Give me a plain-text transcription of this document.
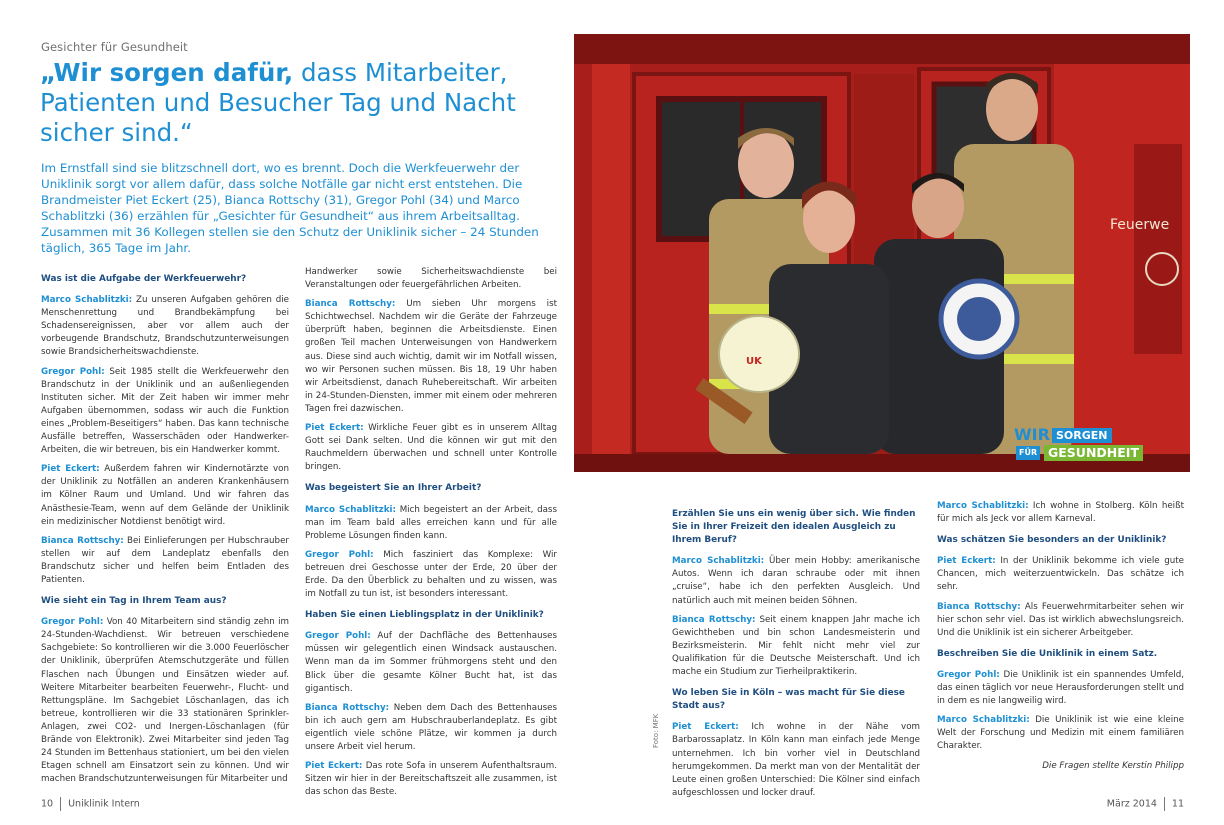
Gesichter für Gesundheit
„Wir sorgen dafür, dass Mitarbeiter, Patienten und Besucher Tag und Nacht sicher sind.“
Im Ernstfall sind sie blitzschnell dort, wo es brennt. Doch die Werkfeuerwehr der Uniklinik sorgt vor allem dafür, dass solche Notfälle gar nicht erst entstehen. Die Brandmeister Piet Eckert (25), Bianca Rottschy (31), Gregor Pohl (34) und Marco Schablitzki (36) erzählen für „Gesichter für Gesundheit“ aus ihrem Arbeitsalltag. Zusammen mit 36 Kollegen stellen sie den Schutz der Uniklinik sicher – 24 Stunden täglich, 365 Tage im Jahr.

Was ist die Aufgabe der Werkfeuerwehr?

Marco Schablitzki: Zu unseren Aufgaben gehören die Menschenrettung und Brandbekämpfung bei Schadensereignissen, aber vor allem auch der vorbeugende Brandschutz, Brandschutzunterweisungen sowie Brandsicherheitswachdienste.

Gregor Pohl: Seit 1985 stellt die Werkfeuerwehr den Brandschutz in der Uniklinik und an außenliegenden Instituten sicher. Mit der Zeit haben wir immer mehr Aufgaben übernommen, sodass wir auch die Funktion eines „Problem-Beseitigers“ haben. Das kann technische Ausfälle betreffen, Wasserschäden oder Handwerker-Arbeiten, die wir betreuen, bis ein Handwerker kommt.

Piet Eckert: Außerdem fahren wir Kindernotärzte von der Uniklinik zu Notfällen an anderen Krankenhäusern im Kölner Raum und Umland. Und wir fahren das Anästhesie-Team, wenn auf dem Gelände der Uniklinik ein medizinischer Notdienst benötigt wird.

Bianca Rottschy: Bei Einlieferungen per Hubschrauber stellen wir auf dem Landeplatz ebenfalls den Brandschutz sicher und helfen beim Entladen des Patienten.

Wie sieht ein Tag in Ihrem Team aus?

Gregor Pohl: Von 40 Mitarbeitern sind ständig zehn im 24-Stunden-Wachdienst. Wir betreuen verschiedene Sachgebiete: So kontrollieren wir die 3.000 Feuerlöscher der Uniklinik, überprüfen Atemschutzgeräte und füllen Flaschen nach Übungen und Einsätzen wieder auf. Weitere Mitarbeiter bearbeiten Feuerwehr-, Flucht- und Rettungspläne. Im Sachgebiet Löschanlagen, das ich betreue, kontrollieren wir die 33 stationären Sprinkler-Anlagen, zwei CO2- und Inergen-Löschanlagen (für Brände von Elektronik). Zwei Mitarbeiter sind jeden Tag 24 Stunden im Bettenhaus stationiert, um bei den vielen Etagen schnell am Einsatzort sein zu können. Und wir machen Brandschutzunterweisungen für Mitarbeiter und

Handwerker sowie Sicherheitswachdienste bei Veranstaltungen oder feuergefährlichen Arbeiten.

Bianca Rottschy: Um sieben Uhr morgens ist Schichtwechsel. Nachdem wir die Geräte der Fahrzeuge überprüft haben, beginnen die Arbeitsdienste. Einen großen Teil machen Unterweisungen von Handwerkern aus. Diese sind auch wichtig, damit wir im Notfall wissen, wo wir Personen suchen müssen. Bis 18, 19 Uhr haben wir Arbeitsdienst, danach Ruhebereitschaft. Wir arbeiten in 24-Stunden-Diensten, immer mit einem oder mehreren Tagen frei dazwischen.

Piet Eckert: Wirkliche Feuer gibt es in unserem Alltag Gott sei Dank selten. Und die können wir gut mit den Rauchmeldern überwachen und schnell unter Kontrolle bringen.

Was begeistert Sie an Ihrer Arbeit?

Marco Schablitzki: Mich begeistert an der Arbeit, dass man im Team bald alles erreichen kann und für alle Probleme Lösungen finden kann.

Gregor Pohl: Mich fasziniert das Komplexe: Wir betreuen drei Geschosse unter der Erde, 20 über der Erde. Da den Überblick zu behalten und zu wissen, was im Notfall zu tun ist, ist besonders interessant.

Haben Sie einen Lieblingsplatz in der Uniklinik?

Gregor Pohl: Auf der Dachfläche des Bettenhauses müssen wir gelegentlich einen Windsack austauschen. Wenn man da im Sommer frühmorgens steht und den Blick über die gesamte Kölner Bucht hat, ist das gigantisch.

Bianca Rottschy: Neben dem Dach des Bettenhauses bin ich auch gern am Hubschrauberlandeplatz. Es gibt eigentlich viele schöne Plätze, wir kommen ja durch unsere Arbeit viel herum.

Piet Eckert: Das rote Sofa in unserem Aufenthaltsraum. Sitzen wir hier in der Bereitschaftszeit alle zusammen, ist das schon das Beste.

Erzählen Sie uns ein wenig über sich. Wie finden Sie in Ihrer Freizeit den idealen Ausgleich zu Ihrem Beruf?

Marco Schablitzki: Über mein Hobby: amerikanische Autos. Wenn ich daran schraube oder mit ihnen „cruise“, habe ich den perfekten Ausgleich. Und natürlich auch mit meinen beiden Söhnen.

Bianca Rottschy: Seit einem knappen Jahr mache ich Gewichtheben und bin schon Landesmeisterin und Bezirksmeisterin. Mir fehlt nicht mehr viel zur Qualifikation für die Deutsche Meisterschaft. Und ich mache ein Studium zur Tierheilpraktikerin.

Wo leben Sie in Köln – was macht für Sie diese Stadt aus?

Piet Eckert: Ich wohne in der Nähe vom Barbarossaplatz. In Köln kann man einfach jede Menge unternehmen. Ich bin vorher viel in Deutschland herumgekommen. Da merkt man von der Mentalität der Leute einen großen Unterschied: Die Kölner sind einfach aufgeschlossen und locker drauf.

Marco Schablitzki: Ich wohne in Stolberg. Köln heißt für mich als Jeck vor allem Karneval.

Was schätzen Sie besonders an der Uniklinik?

Piet Eckert: In der Uniklinik bekomme ich viele gute Chancen, mich weiterzuentwickeln. Das schätze ich sehr.

Bianca Rottschy: Als Feuerwehrmitarbeiter sehen wir hier schon sehr viel. Das ist wirklich abwechslungsreich. Und die Uniklinik ist ein sicherer Arbeitgeber.

Beschreiben Sie die Uniklinik in einem Satz.

Gregor Pohl: Die Uniklinik ist ein spannendes Umfeld, das einen täglich vor neue Herausforderungen stellt und in dem es nie langweilig wird.

Marco Schablitzki: Die Uniklinik ist wie eine kleine Welt der Forschung und Medizin mit einem familiären Charakter.

Die Fragen stellte Kerstin Philipp

Feuerwe
UK
WIR SORGEN
FÜR GESUNDHEIT
Foto: MFK
10 Uniklinik Intern	März 2014 11
